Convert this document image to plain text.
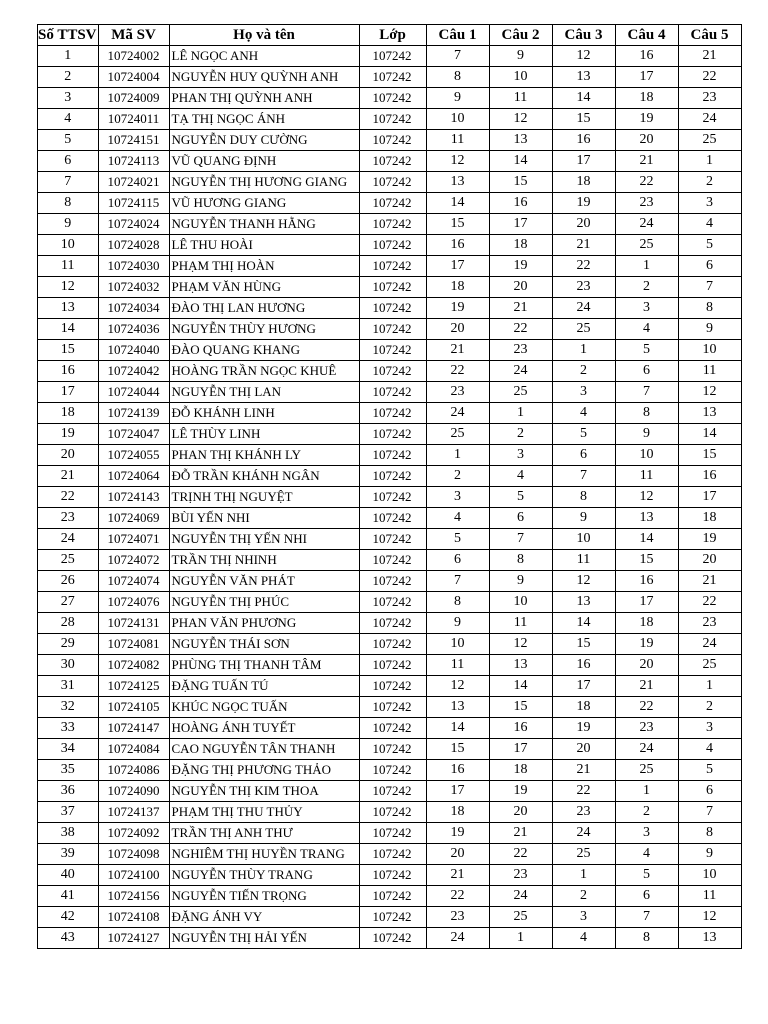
Số TTSV	Mã SV	Họ và tên	Lớp	Câu 1	Câu 2	Câu 3	Câu 4	Câu 5
1	10724002	LÊ NGỌC ANH	107242	7	9	12	16	21
2	10724004	NGUYỄN HUY QUỲNH ANH	107242	8	10	13	17	22
3	10724009	PHAN THỊ QUỲNH ANH	107242	9	11	14	18	23
4	10724011	TẠ THỊ NGỌC ÁNH	107242	10	12	15	19	24
5	10724151	NGUYỄN DUY CƯỜNG	107242	11	13	16	20	25
6	10724113	VŨ QUANG ĐỊNH	107242	12	14	17	21	1
7	10724021	NGUYỄN THỊ HƯƠNG GIANG	107242	13	15	18	22	2
8	10724115	VŨ HƯƠNG GIANG	107242	14	16	19	23	3
9	10724024	NGUYỄN THANH HẰNG	107242	15	17	20	24	4
10	10724028	LÊ THU HOÀI	107242	16	18	21	25	5
11	10724030	PHẠM THỊ HOÀN	107242	17	19	22	1	6
12	10724032	PHẠM VĂN HÙNG	107242	18	20	23	2	7
13	10724034	ĐÀO THỊ LAN HƯƠNG	107242	19	21	24	3	8
14	10724036	NGUYỄN THÙY HƯƠNG	107242	20	22	25	4	9
15	10724040	ĐÀO QUANG KHANG	107242	21	23	1	5	10
16	10724042	HOÀNG TRẦN NGỌC KHUÊ	107242	22	24	2	6	11
17	10724044	NGUYỄN THỊ LAN	107242	23	25	3	7	12
18	10724139	ĐỖ KHÁNH LINH	107242	24	1	4	8	13
19	10724047	LÊ THÙY LINH	107242	25	2	5	9	14
20	10724055	PHAN THỊ KHÁNH LY	107242	1	3	6	10	15
21	10724064	ĐỖ TRẦN KHÁNH NGÂN	107242	2	4	7	11	16
22	10724143	TRỊNH THỊ NGUYỆT	107242	3	5	8	12	17
23	10724069	BÙI YẾN NHI	107242	4	6	9	13	18
24	10724071	NGUYỄN THỊ YẾN NHI	107242	5	7	10	14	19
25	10724072	TRẦN THỊ NHINH	107242	6	8	11	15	20
26	10724074	NGUYỄN VĂN PHÁT	107242	7	9	12	16	21
27	10724076	NGUYỄN THỊ PHÚC	107242	8	10	13	17	22
28	10724131	PHAN VĂN PHƯƠNG	107242	9	11	14	18	23
29	10724081	NGUYỄN THÁI SƠN	107242	10	12	15	19	24
30	10724082	PHÙNG THỊ THANH TÂM	107242	11	13	16	20	25
31	10724125	ĐẶNG TUẤN TÚ	107242	12	14	17	21	1
32	10724105	KHÚC NGỌC TUẤN	107242	13	15	18	22	2
33	10724147	HOÀNG ÁNH TUYẾT	107242	14	16	19	23	3
34	10724084	CAO NGUYỄN TÂN THANH	107242	15	17	20	24	4
35	10724086	ĐẶNG THỊ PHƯƠNG THẢO	107242	16	18	21	25	5
36	10724090	NGUYỄN THỊ KIM THOA	107242	17	19	22	1	6
37	10724137	PHẠM THỊ THU THỦY	107242	18	20	23	2	7
38	10724092	TRẦN THỊ ANH THƯ	107242	19	21	24	3	8
39	10724098	NGHIÊM THỊ HUYỀN TRANG	107242	20	22	25	4	9
40	10724100	NGUYỄN THÙY TRANG	107242	21	23	1	5	10
41	10724156	NGUYỄN TIẾN TRỌNG	107242	22	24	2	6	11
42	10724108	ĐẶNG ÁNH VY	107242	23	25	3	7	12
43	10724127	NGUYỄN THỊ HẢI YẾN	107242	24	1	4	8	13
